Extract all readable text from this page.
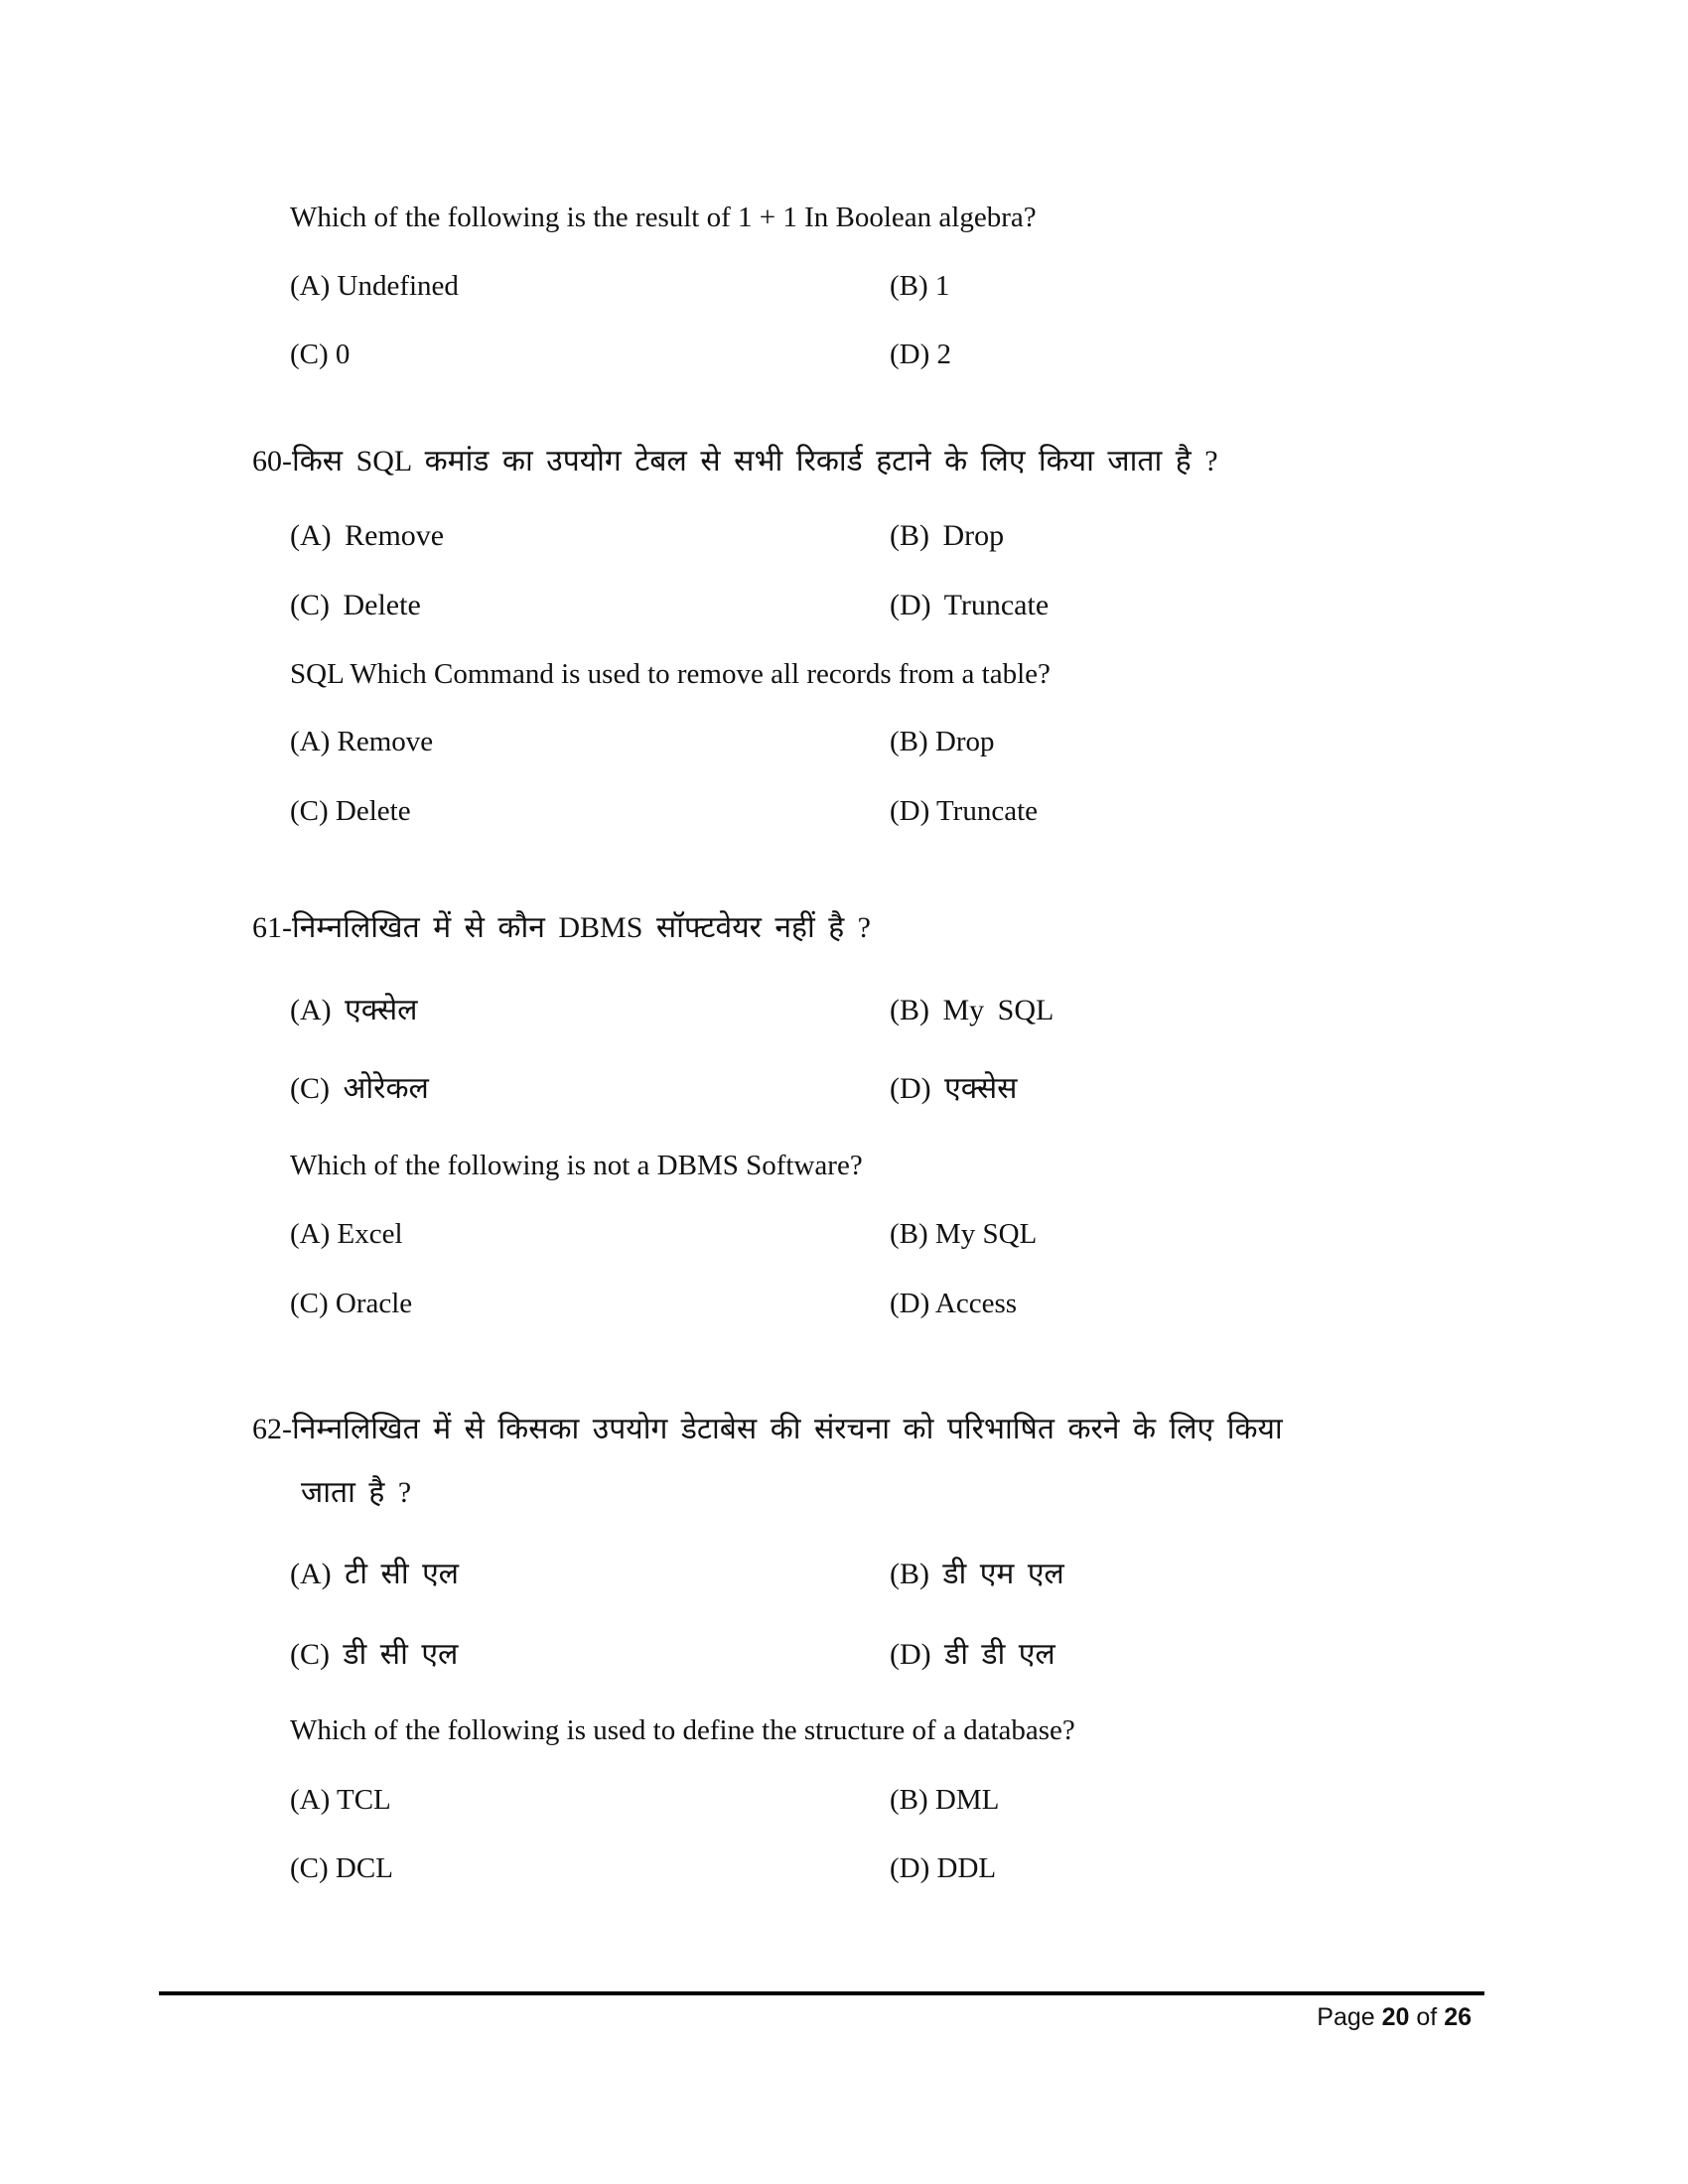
Page 20 of 26
Which of the following is the result of 1 + 1 In Boolean algebra?
(A) Undefined	(B) 1
(C) 0	(D) 2
60-किस SQL कमांड का उपयोग टेबल से सभी रिकार्ड हटाने के लिए किया जाता है ?
(A) Remove	(B) Drop
(C) Delete	(D) Truncate
SQL Which Command is used to remove all records from a table?
(A) Remove	(B) Drop
(C) Delete	(D) Truncate
61-निम्नलिखित में से कौन DBMS सॉफ्टवेयर नहीं है ?
(A) एक्सेल	(B) My SQL
(C) ओरेकल	(D) एक्सेस
Which of the following is not a DBMS Software?
(A) Excel	(B) My SQL
(C) Oracle	(D) Access
62-निम्नलिखित में से किसका उपयोग डेटाबेस की संरचना को परिभाषित करने के लिए किया
जाता है ?
(A) टी सी एल	(B) डी एम एल
(C) डी सी एल	(D) डी डी एल
Which of the following is used to define the structure of a database?
(A) TCL	(B) DML
(C) DCL	(D) DDL
